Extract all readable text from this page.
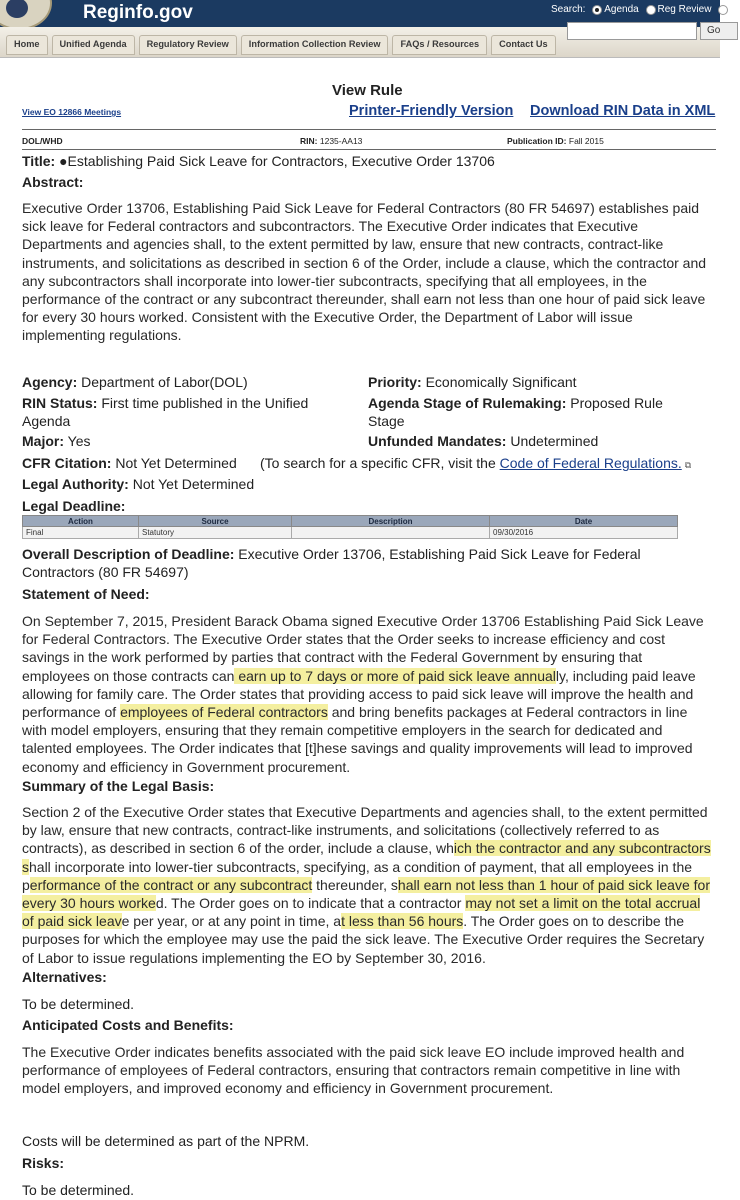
Reginfo.gov	Search: Agenda Reg Review IC
Home	Unified Agenda	Regulatory Review	Information Collection Review	FAQs / Resources	Contact Us
Go
View Rule
View EO 12866 Meetings	Printer-Friendly Version Download RIN Data in XML
DOL/WHD	RIN: 1235-AA13	Publication ID: Fall 2015
Title: ●Establishing Paid Sick Leave for Contractors, Executive Order 13706
Abstract:
Executive Order 13706, Establishing Paid Sick Leave for Federal Contractors (80 FR 54697) establishes paid sick leave for Federal contractors and subcontractors. The Executive Order indicates that Executive Departments and agencies shall, to the extent permitted by law, ensure that new contracts, contract-like instruments, and solicitations as described in section 6 of the Order, include a clause, which the contractor and any subcontractors shall incorporate into lower-tier subcontracts, specifying that all employees, in the performance of the contract or any subcontract thereunder, shall earn not less than one hour of paid sick leave for every 30 hours worked. Consistent with the Executive Order, the Department of Labor will issue implementing regulations.
Agency: Department of Labor(DOL)	Priority: Economically Significant
RIN Status: First time published in the Unified
Agenda
Agenda Stage of Rulemaking: Proposed Rule
Stage
Major: Yes	Unfunded Mandates: Undetermined
CFR Citation: Not Yet Determined (To search for a specific CFR, visit the Code of Federal Regulations. ⧉
Legal Authority: Not Yet Determined
Legal Deadline:
Action	Source	Description	Date
Final	Statutory		09/30/2016
Overall Description of Deadline: Executive Order 13706, Establishing Paid Sick Leave for Federal
Contractors (80 FR 54697)
Statement of Need:
On September 7, 2015, President Barack Obama signed Executive Order 13706 Establishing Paid Sick Leave for Federal Contractors. The Executive Order states that the Order seeks to increase efficiency and cost savings in the work performed by parties that contract with the Federal Government by ensuring that employees on those contracts can earn up to 7 days or more of paid sick leave annually, including paid leave allowing for family care. The Order states that providing access to paid sick leave will improve the health and performance of employees of Federal contractors and bring benefits packages at Federal contractors in line with model employers, ensuring that they remain competitive employers in the search for dedicated and talented employees. The Order indicates that [t]hese savings and quality improvements will lead to improved economy and efficiency in Government procurement.
Summary of the Legal Basis:
Section 2 of the Executive Order states that Executive Departments and agencies shall, to the extent permitted by law, ensure that new contracts, contract-like instruments, and solicitations (collectively referred to as contracts), as described in section 6 of the order, include a clause, which the contractor and any subcontractors shall incorporate into lower-tier subcontracts, specifying, as a condition of payment, that all employees in the performance of the contract or any subcontract thereunder, shall earn not less than 1 hour of paid sick leave for every 30 hours worked. The Order goes on to indicate that a contractor may not set a limit on the total accrual of paid sick leave per year, or at any point in time, at less than 56 hours. The Order goes on to describe the purposes for which the employee may use the paid the sick leave. The Executive Order requires the Secretary of Labor to issue regulations implementing the EO by September 30, 2016.
Alternatives:
To be determined.
Anticipated Costs and Benefits:
The Executive Order indicates benefits associated with the paid sick leave EO include improved health and performance of employees of Federal contractors, ensuring that contractors remain competitive in line with model employers, and improved economy and efficiency in Government procurement.
Costs will be determined as part of the NPRM.
Risks:
To be determined.
